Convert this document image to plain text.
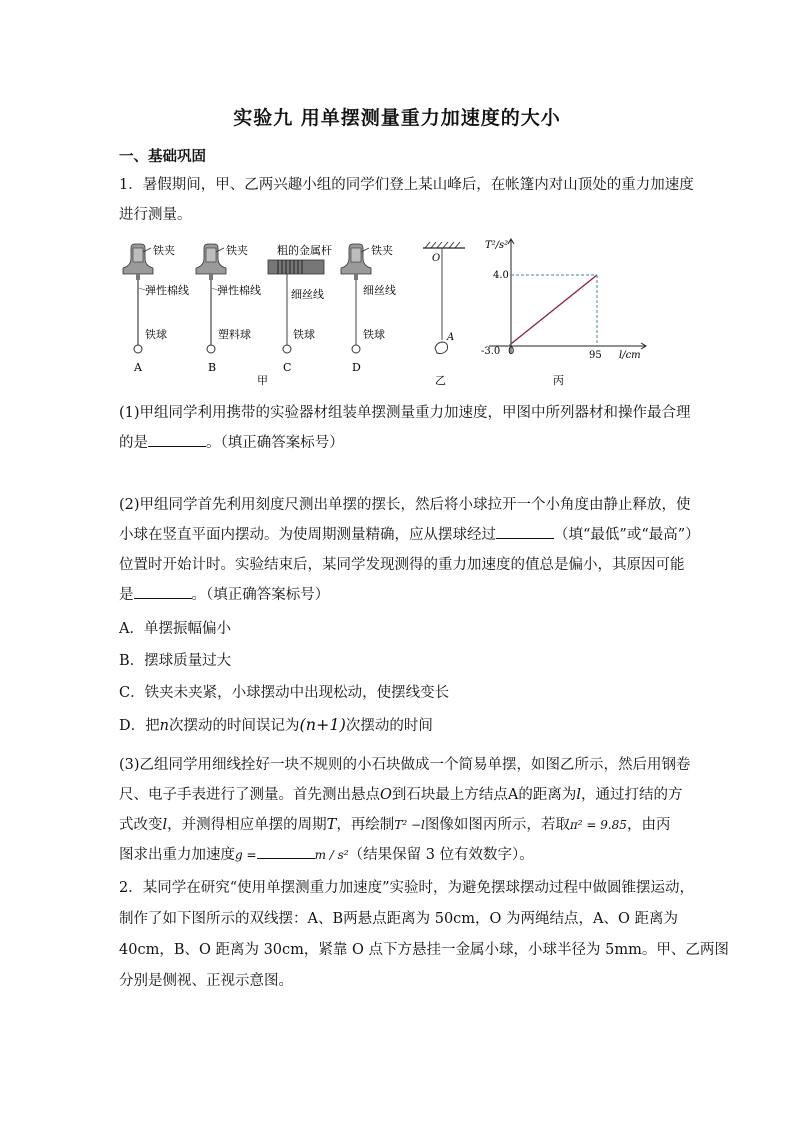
实验九 用单摆测量重力加速度的大小
一、基础巩固
1．暑假期间，甲、乙两兴趣小组的同学们登上某山峰后，在帐篷内对山顶处的重力加速度
进行测量。
铁夹
弹性棉线
铁球
A
铁夹
弹性棉线
塑料球
B
粗的金属杆
细丝线
铁球
C
铁夹
细丝线
铁球
D
甲
O
A
乙
T²/s²
l/cm
4.0
-3.0 0	95
丙
(1)甲组同学利用携带的实验器材组装单摆测量重力加速度，甲图中所列器材和操作最合理
的是	。（填正确答案标号）
(2)甲组同学首先利用刻度尺测出单摆的摆长，然后将小球拉开一个小角度由静止释放，使
小球在竖直平面内摆动。为使周期测量精确，应从摆球经过	（填“最低”或“最高”）
位置时开始计时。实验结束后，某同学发现测得的重力加速度的值总是偏小，其原因可能
是	。（填正确答案标号）
A．单摆振幅偏小
B．摆球质量过大
C．铁夹未夹紧，小球摆动中出现松动，使摆线变长
D．把n次摆动的时间误记为(n+1)次摆动的时间
(3)乙组同学用细线拴好一块不规则的小石块做成一个简易单摆，如图乙所示，然后用钢卷
尺、电子手表进行了测量。首先测出悬点O到石块最上方结点A的距离为l，通过打结的方
式改变l，并测得相应单摆的周期T，再绘制T² −l图像如图丙所示，若取π² = 9.85，由丙
图求出重力加速度g =	m / s²（结果保留 3 位有效数字）。
2．某同学在研究“使用单摆测重力加速度”实验时，为避免摆球摆动过程中做圆锥摆运动，
制作了如下图所示的双线摆：A、B两悬点距离为 50cm，O 为两绳结点，A、O 距离为
40cm，B、O 距离为 30cm，紧靠 O 点下方悬挂一金属小球，小球半径为 5mm。甲、乙两图
分别是侧视、正视示意图。
